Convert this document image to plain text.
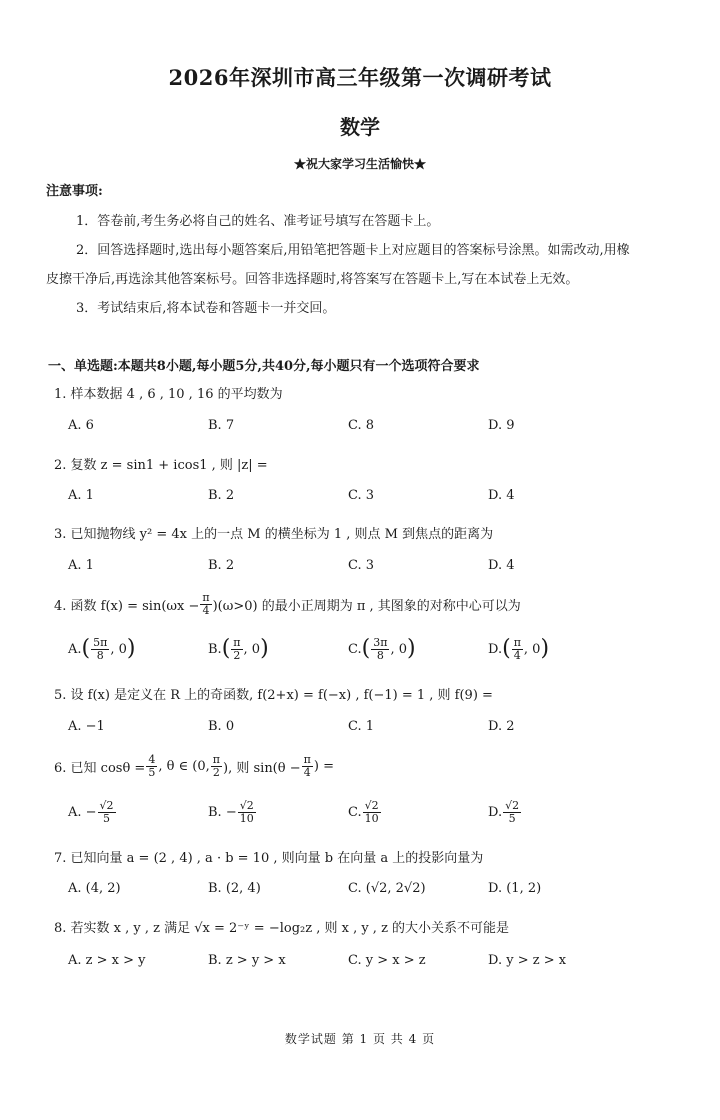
2026年深圳市高三年级第一次调研考试
数学
★祝大家学习生活愉快★
注意事项:
1．答卷前,考生务必将自己的姓名、准考证号填写在答题卡上。
2．回答选择题时,选出每小题答案后,用铅笔把答题卡上对应题目的答案标号涂黑。如需改动,用橡
皮擦干净后,再选涂其他答案标号。回答非选择题时,将答案写在答题卡上,写在本试卷上无效。
3．考试结束后,将本试卷和答题卡一并交回。
一、单选题:本题共8小题,每小题5分,共40分,每小题只有一个选项符合要求
1. 样本数据 4 , 6 , 10 , 16 的平均数为
A. 6	B. 7	C. 8	D. 9
2. 复数 z = sin1 + icos1 , 则 |z| =
A. 1	B. 2	C. 3	D. 4
3. 已知抛物线 y² = 4x 上的一点 M 的横坐标为 1 , 则点 M 到焦点的距离为
A. 1	B. 2	C. 3	D. 4
4. 函数 $f(x) = \sin(\omega x - \frac{\pi}{4} )(\omega>0)$ 的最小正周期为 π , 其图象的对称中心可以为
A. ( $\frac{5\pi}{8}$ , 0 )	B. ( $\frac{\pi}{2}$ , 0 )	C. ( $\frac{3\pi}{8}$ , 0 )	D. ( $\frac{\pi}{4}$ , 0 )
5. 设 f(x) 是定义在 R 上的奇函数, f(2+x) = f(−x) , f(−1) = 1 , 则 f(9) =
A. −1	B. 0	C. 1	D. 2
6. 已知 $\cos\theta = \frac{4}{5}$ , θ ∈ (0, $\frac{\pi}{2}$ ), 则 $\sin(\theta - \frac{\pi}{4}$ ) =
A. − $\frac{√2}{5}$	B. − $\frac{√2}{10}$	C. $\frac{√2}{10}$	D. $\frac{√2}{5}$
7. 已知向量 a = (2 , 4) , a · b = 10 , 则向量 b 在向量 a 上的投影向量为
A. (4, 2)	B. (2, 4)	C. (√2, 2√2)	D. (1, 2)
8. 若实数 x , y , z 满足 √x = 2⁻ʸ = −log₂z , 则 x , y , z 的大小关系不可能是
A. z > x > y	B. z > y > x	C. y > x > z	D. y > z > x
数学试题 第 1 页 共 4 页
